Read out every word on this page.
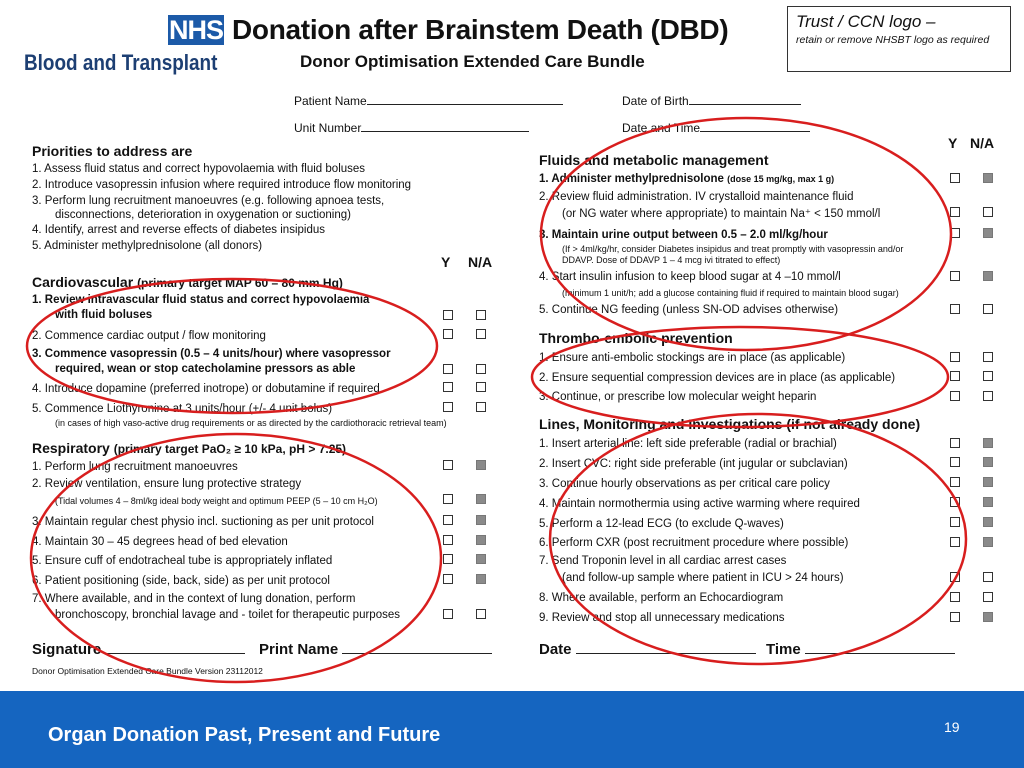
NHS
Blood and Transplant
Donation after Brainstem Death (DBD)
Donor Optimisation Extended Care Bundle
Trust / CCN logo –
retain or remove NHSBT logo as required
Patient Name
Unit Number
Date of Birth
Date and Time
Priorities to address are
1. Assess fluid status and correct hypovolaemia with fluid boluses
2. Introduce vasopressin infusion where required introduce flow monitoring
3. Perform lung recruitment manoeuvres (e.g. following apnoea tests,
disconnections, deterioration in oxygenation or suctioning)
4. Identify, arrest and reverse effects of diabetes insipidus
5. Administer methylprednisolone (all donors)
Y N/A
Cardiovascular (primary target MAP 60 – 80 mm Hg)
1. Review intravascular fluid status and correct hypovolaemia
with fluid boluses
2. Commence cardiac output / flow monitoring
3. Commence vasopressin (0.5 – 4 units/hour) where vasopressor
required, wean or stop catecholamine pressors as able
4. Introduce dopamine (preferred inotrope) or dobutamine if required
5. Commence Liothyronine at 3 units/hour (+/- 4 unit bolus)
(in cases of high vaso-active drug requirements or as directed by the cardiothoracic retrieval team)
Respiratory (primary target PaO₂ ≥ 10 kPa, pH > 7.25)
1. Perform lung recruitment manoeuvres
2. Review ventilation, ensure lung protective strategy
(Tidal volumes 4 – 8ml/kg ideal body weight and optimum PEEP (5 – 10 cm H₂O)
3. Maintain regular chest physio incl. suctioning as per unit protocol
4. Maintain 30 – 45 degrees head of bed elevation
5. Ensure cuff of endotracheal tube is appropriately inflated
6. Patient positioning (side, back, side) as per unit protocol
7. Where available, and in the context of lung donation, perform
bronchoscopy, bronchial lavage and - toilet for therapeutic purposes
Signature	Print Name
Donor Optimisation Extended Care Bundle Version 23112012
Y N/A
Fluids and metabolic management
1. Administer methylprednisolone (dose 15 mg/kg, max 1 g)
2. Review fluid administration. IV crystalloid maintenance fluid
(or NG water where appropriate) to maintain Na⁺ < 150 mmol/l
3. Maintain urine output between 0.5 – 2.0 ml/kg/hour
(If > 4ml/kg/hr, consider Diabetes insipidus and treat promptly with vasopressin and/or
DDAVP. Dose of DDAVP 1 – 4 mcg ivi titrated to effect)
4. Start insulin infusion to keep blood sugar at 4 –10 mmol/l
(minimum 1 unit/h; add a glucose containing fluid if required to maintain blood sugar)
5. Continue NG feeding (unless SN-OD advises otherwise)
Thrombo-embolic prevention
1. Ensure anti-embolic stockings are in place (as applicable)
2. Ensure sequential compression devices are in place (as applicable)
3. Continue, or prescribe low molecular weight heparin
Lines, Monitoring and Investigations (if not already done)
1. Insert arterial line: left side preferable (radial or brachial)
2. Insert CVC: right side preferable (int jugular or subclavian)
3. Continue hourly observations as per critical care policy
4. Maintain normothermia using active warming where required
5. Perform a 12-lead ECG (to exclude Q-waves)
6. Perform CXR (post recruitment procedure where possible)
7. Send Troponin level in all cardiac arrest cases
(and follow-up sample where patient in ICU > 24 hours)
8. Where available, perform an Echocardiogram
9. Review and stop all unnecessary medications
Date	Time
Organ Donation Past, Present and Future	19
